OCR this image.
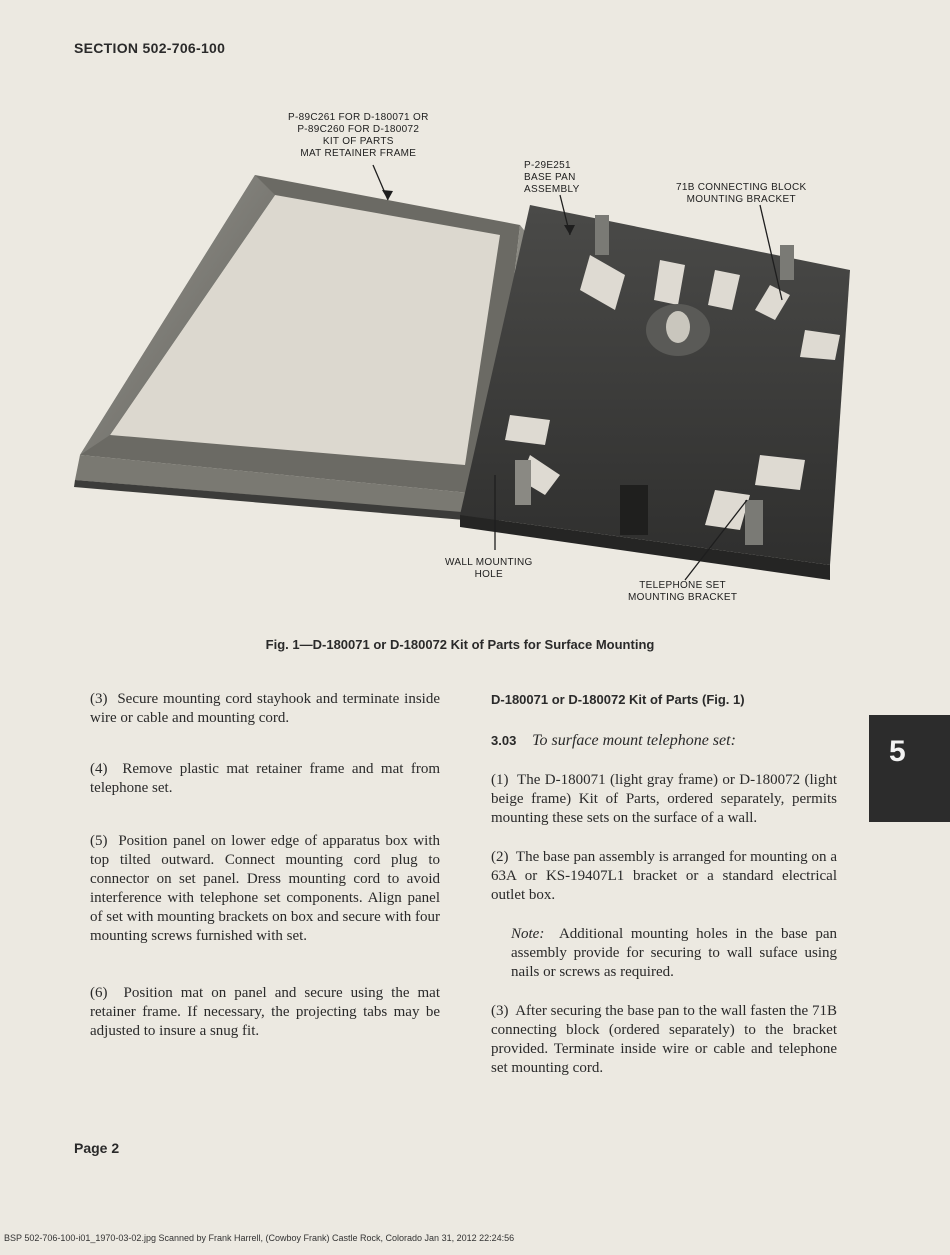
SECTION 502-706-100
P-89C261 FOR D-180071 OR
P-89C260 FOR D-180072
KIT OF PARTS
MAT RETAINER FRAME
P-29E251
BASE PAN
ASSEMBLY	71B CONNECTING BLOCK
MOUNTING BRACKET
WALL MOUNTING
HOLE
TELEPHONE SET
MOUNTING BRACKET
Fig. 1—D-180071 or D-180072 Kit of Parts for Surface Mounting

(3) Secure mounting cord stayhook and terminate inside wire or cable and mounting cord.

(4) Remove plastic mat retainer frame and mat from telephone set.

(5) Position panel on lower edge of apparatus box with top tilted outward. Connect mounting cord plug to connector on set panel. Dress mounting cord to avoid interference with telephone set components. Align panel of set with mounting brackets on box and secure with four mounting screws furnished with set.

(6) Position mat on panel and secure using the mat retainer frame. If necessary, the projecting tabs may be adjusted to insure a snug fit.

D-180071 or D-180072 Kit of Parts (Fig. 1)
3.03 To surface mount telephone set:

(1) The D-180071 (light gray frame) or D-180072 (light beige frame) Kit of Parts, ordered separately, permits mounting these sets on the surface of a wall.

(2) The base pan assembly is arranged for mounting on a 63A or KS-19407L1 bracket or a standard electrical outlet box.

Note: Additional mounting holes in the base pan assembly provide for securing to wall suface using nails or screws as required.

(3) After securing the base pan to the wall fasten the 71B connecting block (ordered separately) to the bracket provided. Terminate inside wire or cable and telephone set mounting cord.

5
Page 2
BSP 502-706-100-i01_1970-03-02.jpg Scanned by Frank Harrell, (Cowboy Frank) Castle Rock, Colorado Jan 31, 2012 22:24:56
